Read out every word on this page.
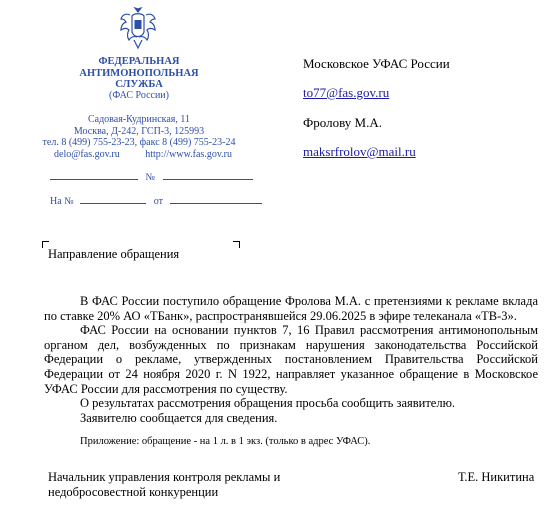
ФЕДЕРАЛЬНАЯ
АНТИМОНОПОЛЬНАЯ
СЛУЖБА
(ФАС России)
Садовая-Кудринская, 11
Москва, Д-242, ГСП-3, 125993
тел. 8 (499) 755-23-23, факс 8 (499) 755-23-24
delo@fas.gov.ru	http://www.fas.gov.ru
№
На №	от
Московское УФАС России
to77@fas.gov.ru
Фролову М.А.
maksrfrolov@mail.ru
Направление обращения

В ФАС России поступило обращение Фролова М.А. с претензиями к рекламе вклада по ставке 20% АО «ТБанк», распространявшейся 29.06.2025 в эфире телеканала «ТВ-3».

ФАС России на основании пунктов 7, 16 Правил рассмотрения антимонопольным органом дел, возбужденных по признакам нарушения законодательства Российской Федерации о рекламе, утвержденных постановлением Правительства Российской Федерации от 24 ноября 2020 г. N 1922, направляет указанное обращение в Московское УФАС России для рассмотрения по существу.

О результатах рассмотрения обращения просьба сообщить заявителю.

Заявителю сообщается для сведения.

Приложение: обращение - на 1 л. в 1 экз. (только в адрес УФАС).
Начальник управления контроля рекламы и
недобросовестной конкуренции
Т.Е. Никитина
